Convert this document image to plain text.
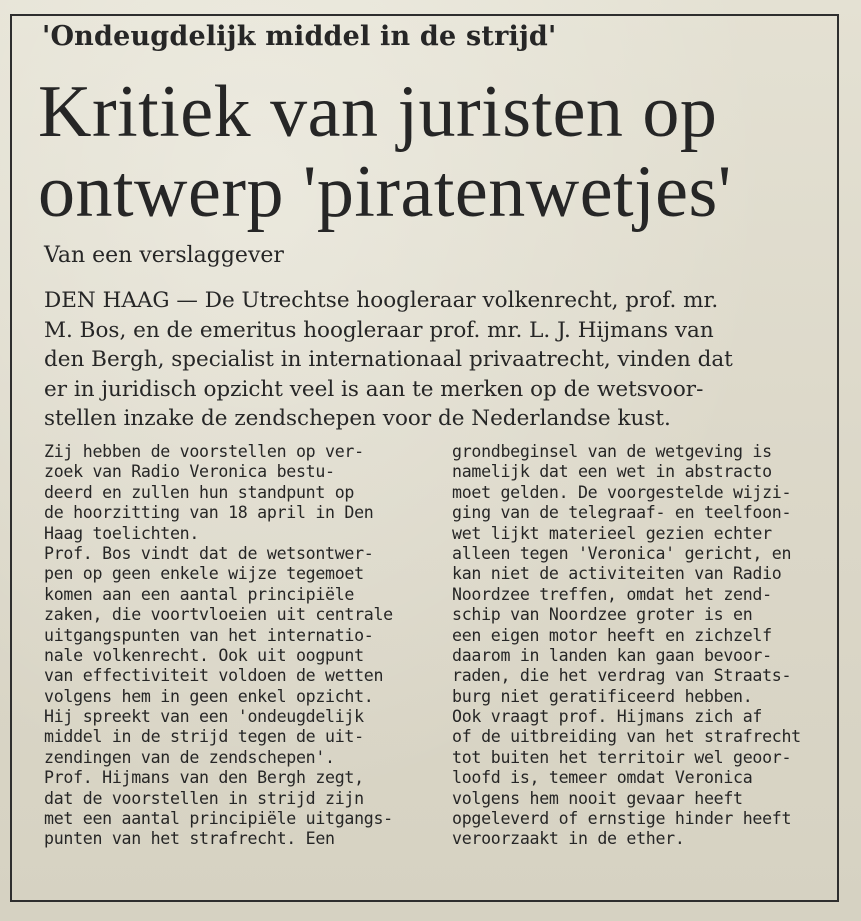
'Ondeugdelijk middel in de strijd'
Kritiek van juristen op
ontwerp 'piratenwetjes'

Van een verslaggever

DEN HAAG — De Utrechtse hoogleraar volkenrecht, prof. mr.
M. Bos, en de emeritus hoogleraar prof. mr. L. J. Hijmans van
den Bergh, specialist in internationaal privaatrecht, vinden dat
er in juridisch opzicht veel is aan te merken op de wetsvoor-
stellen inzake de zendschepen voor de Nederlandse kust.

Zij hebben de voorstellen op ver-
zoek van Radio Veronica bestu-
deerd en zullen hun standpunt op
de hoorzitting van 18 april in Den
Haag toelichten.
Prof. Bos vindt dat de wetsontwer-
pen op geen enkele wijze tegemoet
komen aan een aantal principiële
zaken, die voortvloeien uit centrale
uitgangspunten van het internatio-
nale volkenrecht. Ook uit oogpunt
van effectiviteit voldoen de wetten
volgens hem in geen enkel opzicht.
Hij spreekt van een 'ondeugdelijk
middel in de strijd tegen de uit-
zendingen van de zendschepen'.
Prof. Hijmans van den Bergh zegt,
dat de voorstellen in strijd zijn
met een aantal principiële uitgangs-
punten van het strafrecht. Een
grondbeginsel van de wetgeving is
namelijk dat een wet in abstracto
moet gelden. De voorgestelde wijzi-
ging van de telegraaf- en teelfoon-
wet lijkt materieel gezien echter
alleen tegen 'Veronica' gericht, en
kan niet de activiteiten van Radio
Noordzee treffen, omdat het zend-
schip van Noordzee groter is en
een eigen motor heeft en zichzelf
daarom in landen kan gaan bevoor-
raden, die het verdrag van Straats-
burg niet geratificeerd hebben.
Ook vraagt prof. Hijmans zich af
of de uitbreiding van het strafrecht
tot buiten het territoir wel geoor-
loofd is, temeer omdat Veronica
volgens hem nooit gevaar heeft
opgeleverd of ernstige hinder heeft
veroorzaakt in de ether.
